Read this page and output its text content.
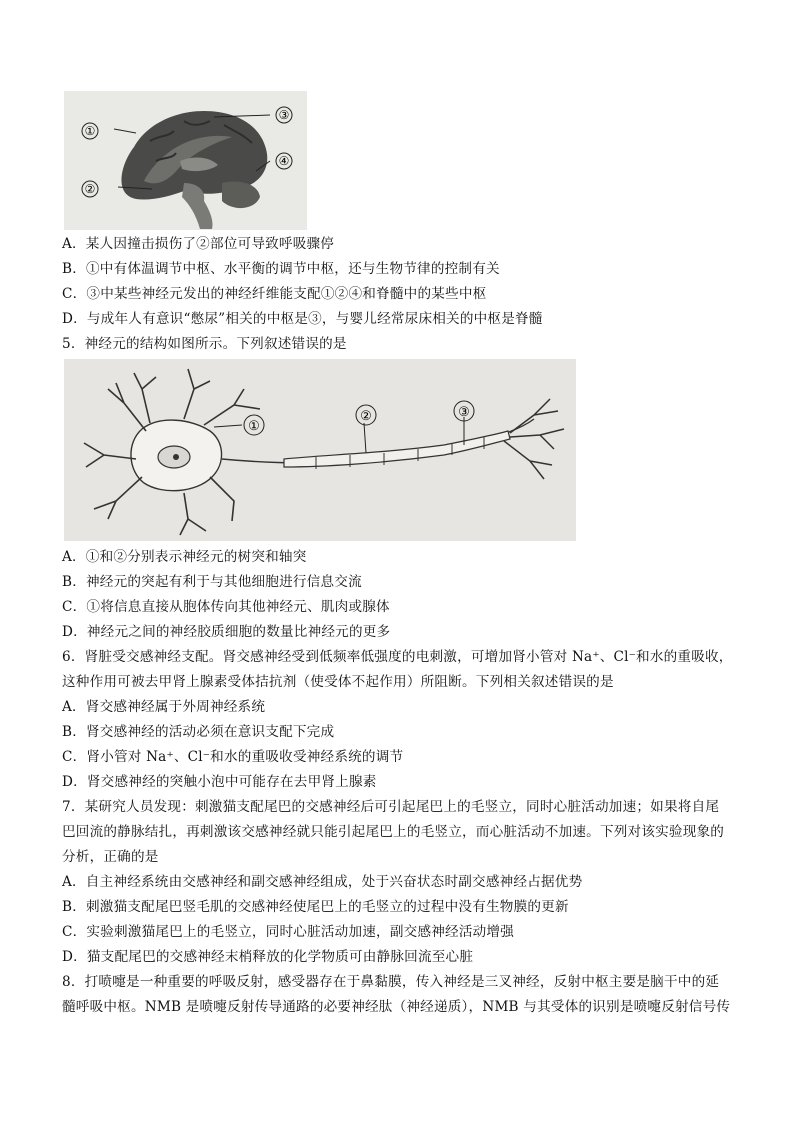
①
②
③
④
A．某人因撞击损伤了②部位可导致呼吸骤停
B．①中有体温调节中枢、水平衡的调节中枢，还与生物节律的控制有关
C．③中某些神经元发出的神经纤维能支配①②④和脊髓中的某些中枢
D．与成年人有意识“憋尿”相关的中枢是③，与婴儿经常尿床相关的中枢是脊髓
5．神经元的结构如图所示。下列叙述错误的是
①
②	③
A．①和②分别表示神经元的树突和轴突
B．神经元的突起有利于与其他细胞进行信息交流
C．①将信息直接从胞体传向其他神经元、肌肉或腺体
D．神经元之间的神经胶质细胞的数量比神经元的更多
6．肾脏受交感神经支配。肾交感神经受到低频率低强度的电刺激，可增加肾小管对 Na⁺、Cl⁻和水的重吸收，
这种作用可被去甲肾上腺素受体拮抗剂（使受体不起作用）所阻断。下列相关叙述错误的是
A．肾交感神经属于外周神经系统
B．肾交感神经的活动必须在意识支配下完成
C．肾小管对 Na⁺、Cl⁻和水的重吸收受神经系统的调节
D．肾交感神经的突触小泡中可能存在去甲肾上腺素
7．某研究人员发现：刺激猫支配尾巴的交感神经后可引起尾巴上的毛竖立，同时心脏活动加速；如果将自尾
巴回流的静脉结扎，再刺激该交感神经就只能引起尾巴上的毛竖立，而心脏活动不加速。下列对该实验现象的
分析，正确的是
A．自主神经系统由交感神经和副交感神经组成，处于兴奋状态时副交感神经占据优势
B．刺激猫支配尾巴竖毛肌的交感神经使尾巴上的毛竖立的过程中没有生物膜的更新
C．实验刺激猫尾巴上的毛竖立，同时心脏活动加速，副交感神经活动增强
D．猫支配尾巴的交感神经末梢释放的化学物质可由静脉回流至心脏
8．打喷嚏是一种重要的呼吸反射，感受器存在于鼻黏膜，传入神经是三叉神经，反射中枢主要是脑干中的延
髓呼吸中枢。NMB 是喷嚏反射传导通路的必要神经肽（神经递质），NMB 与其受体的识别是喷嚏反射信号传
